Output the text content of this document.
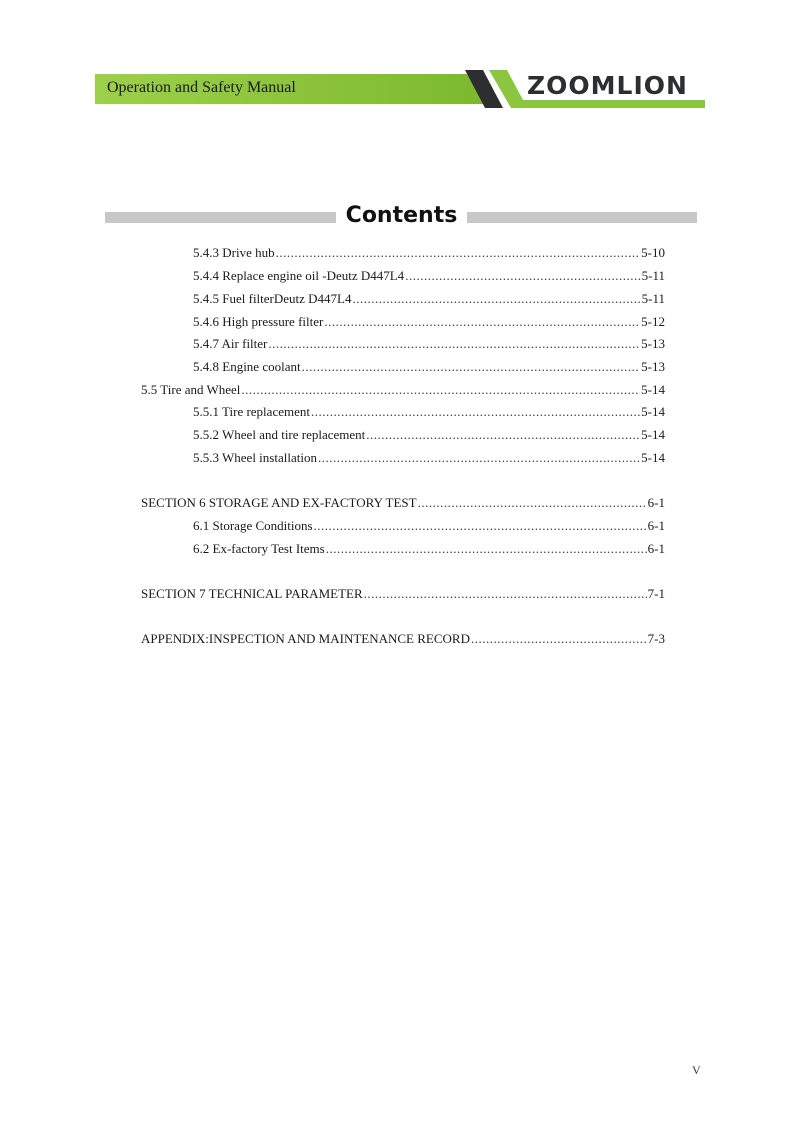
Operation and Safety Manual	ZOOMLION
Contents
5.4.3 Drive hub .....	5-10
5.4.4 Replace engine oil -Deutz D447L4 .....	5-11
5.4.5 Fuel filterDeutz D447L4 .....	5-11
5.4.6 High pressure filter .....	5-12
5.4.7 Air filter .....	5-13
5.4.8 Engine coolant .....	5-13
5.5 Tire and Wheel .....	5-14
5.5.1 Tire replacement .....	5-14
5.5.2 Wheel and tire replacement .....	5-14
5.5.3 Wheel installation .....	5-14
SECTION 6 STORAGE AND EX-FACTORY TEST .....	6-1
6.1 Storage Conditions .....	6-1
6.2 Ex-factory Test Items .....	6-1
SECTION 7 TECHNICAL PARAMETER .....	7-1
APPENDIX:INSPECTION AND MAINTENANCE RECORD .....	7-3
V
